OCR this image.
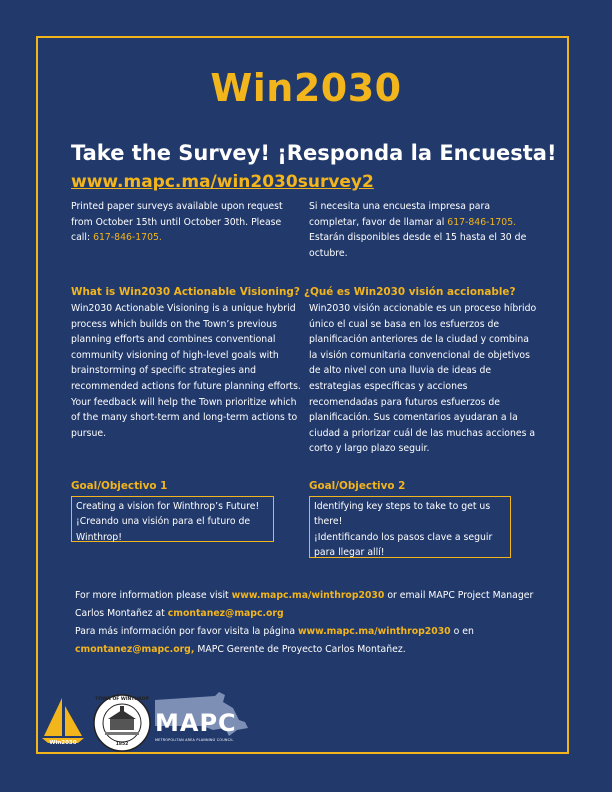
Win2030
Take the Survey! ¡Responda la Encuesta!
www.mapc.ma/win2030survey2
Printed paper surveys available upon request from October 15th until October 30th. Please call: 617-846-1705.
Si necesita una encuesta impresa para completar, favor de llamar al 617-846-1705. Estarán disponibles desde el 15 hasta el 30 de octubre.
What is Win2030 Actionable Visioning? ¿Qué es Win2030 visión accionable?
Win2030 Actionable Visioning is a unique hybrid process which builds on the Town’s previous planning efforts and combines conventional community visioning of high-level goals with brainstorming of specific strategies and recommended actions for future planning efforts. Your feedback will help the Town prioritize which of the many short-term and long-term actions to pursue.
Win2030 visión accionable es un proceso híbrido único el cual se basa en los esfuerzos de planificación anteriores de la ciudad y combina la visión comunitaria convencional de objetivos de alto nivel con una lluvia de ideas de estrategias específicas y acciones recomendadas para futuros esfuerzos de planificación. Sus comentarios ayudaran a la ciudad a priorizar cuál de las muchas acciones a corto y largo plazo seguir.
Goal/Objectivo 1
Creating a vision for Winthrop’s Future!
¡Creando una visión para el futuro de Winthrop!
Goal/Objectivo 2
Identifying key steps to take to get us there!
¡Identificando los pasos clave a seguir para llegar allí!
For more information please visit www.mapc.ma/winthrop2030 or email MAPC Project Manager Carlos Montañez at cmontanez@mapc.org
Para más información por favor visita la página www.mapc.ma/winthrop2030 o en cmontanez@mapc.org, MAPC Gerente de Proyecto Carlos Montañez.
Win2030
TOWN OF WINTHROP
1852
MAPC
METROPOLITAN AREA PLANNING COUNCIL
